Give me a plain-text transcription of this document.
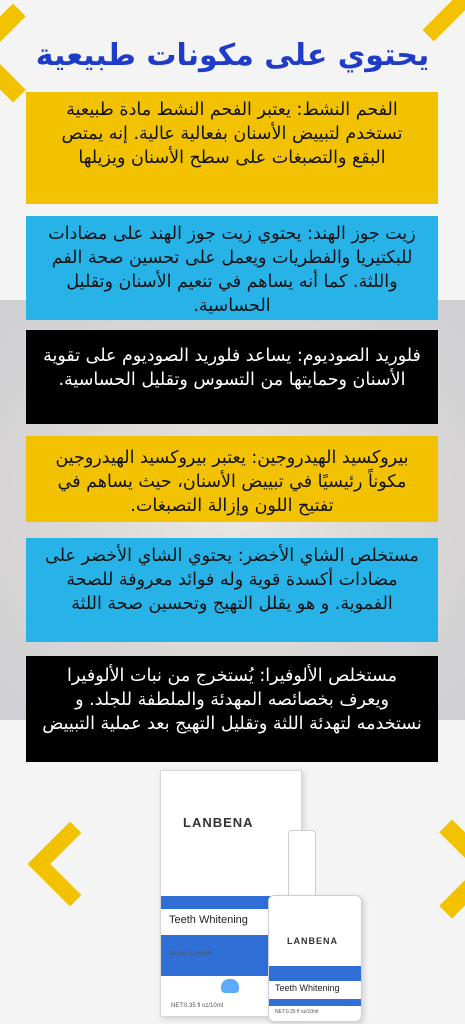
يحتوي على مكونات طبيعية
الفحم النشط: يعتبر الفحم النشط مادة طبيعية تستخدم لتبييض الأسنان بفعالية عالية. إنه يمتص البقع والتصبغات على سطح الأسنان ويزيلها
زيت جوز الهند: يحتوي زيت جوز الهند على مضادات للبكتيريا والفطريات ويعمل على تحسين صحة الفم واللثة. كما أنه يساهم في تنعيم الأسنان وتقليل الحساسية.
فلوريد الصوديوم: يساعد فلوريد الصوديوم على تقوية الأسنان وحمايتها من التسوس وتقليل الحساسية.
بيروكسيد الهيدروجين: يعتبر بيروكسيد الهيدروجين مكوناً رئيسيًا في تبييض الأسنان، حيث يساهم في تفتيح اللون وإزالة التصبغات.
مستخلص الشاي الأخضر: يحتوي الشاي الأخضر على مضادات أكسدة قوية وله فوائد معروفة للصحة الفموية. و هو يقلل التهيج وتحسين صحة اللثة
مستخلص الألوفيرا: يُستخرج من نبات الألوفيرا ويعرف بخصائصه المهدئة والملطفة للجلد. و نستخدمه لتهدئة اللثة وتقليل التهيج بعد عملية التبييض
LANBENA
Teeth Whitening
Beauty & Health
NET:0.35 fl oz/10ml
LANBENA
Teeth Whitening
NET:0.35 fl oz/10ml
